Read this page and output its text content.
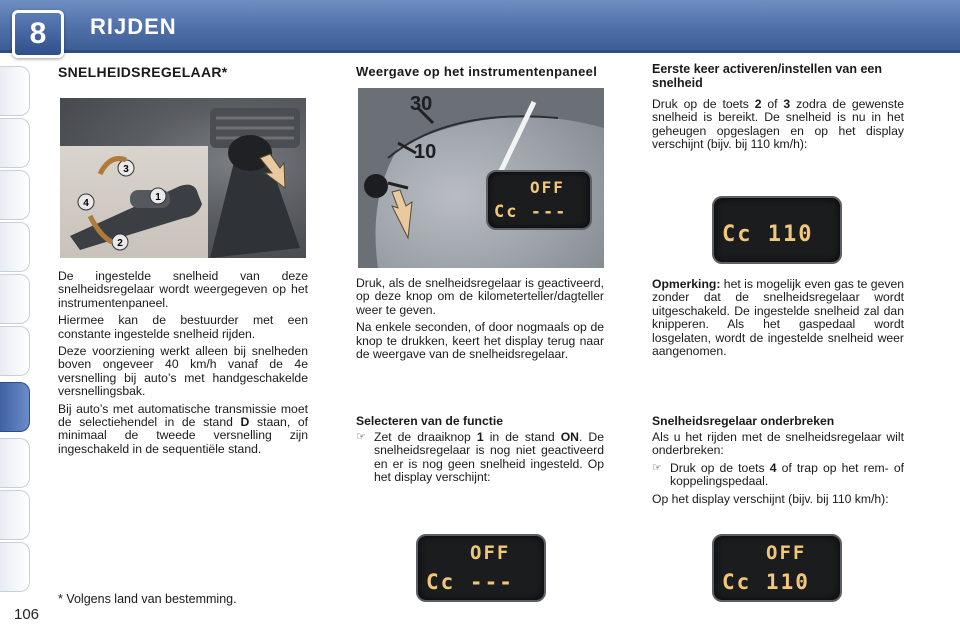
8	RIJDEN
SNELHEIDSREGELAAR*
3
4
1
2

De ingestelde snelheid van deze snelheidsregelaar wordt weergegeven op het instrumentenpaneel.

Hiermee kan de bestuurder met een constante ingestelde snelheid rijden.

Deze voorziening werkt alleen bij snelheden boven ongeveer 40 km/h vanaf de 4e versnelling bij auto’s met handgeschakelde versnellingsbak.

Bij auto’s met automatische transmissie moet de selectiehendel in de stand D staan, of minimaal de tweede versnelling zijn ingeschakeld in de sequentiële stand.

* Volgens land van bestemming.
106
Weergave op het instrumentenpaneel
30
10
OFF
Cc ---

Druk, als de snelheidsregelaar is geactiveerd, op deze knop om de kilometerteller/dagteller weer te geven.

Na enkele seconden, of door nogmaals op de knop te drukken, keert het display terug naar de weergave van de snelheidsregelaar.

Selecteren van de functie
☞ Zet de draaiknop 1 in de stand ON. De snelheidsregelaar is nog niet geactiveerd en er is nog geen snelheid ingesteld. Op het display verschijnt:
OFF
Cc ---
Eerste keer activeren/instellen van een snelheid

Druk op de toets 2 of 3 zodra de gewenste snelheid is bereikt. De snelheid is nu in het geheugen opgeslagen en op het display verschijnt (bijv. bij 110 km/h):

Cc 110

Opmerking: het is mogelijk even gas te geven zonder dat de snelheidsregelaar wordt uitgeschakeld. De ingestelde snelheid zal dan knipperen. Als het gaspedaal wordt losgelaten, wordt de ingestelde snelheid weer aangenomen.

Snelheidsregelaar onderbreken

Als u het rijden met de snelheidsregelaar wilt onderbreken:

☞ Druk op de toets 4 of trap op het rem- of koppelingspedaal.

Op het display verschijnt (bijv. bij 110 km/h):

OFF
Cc 110
